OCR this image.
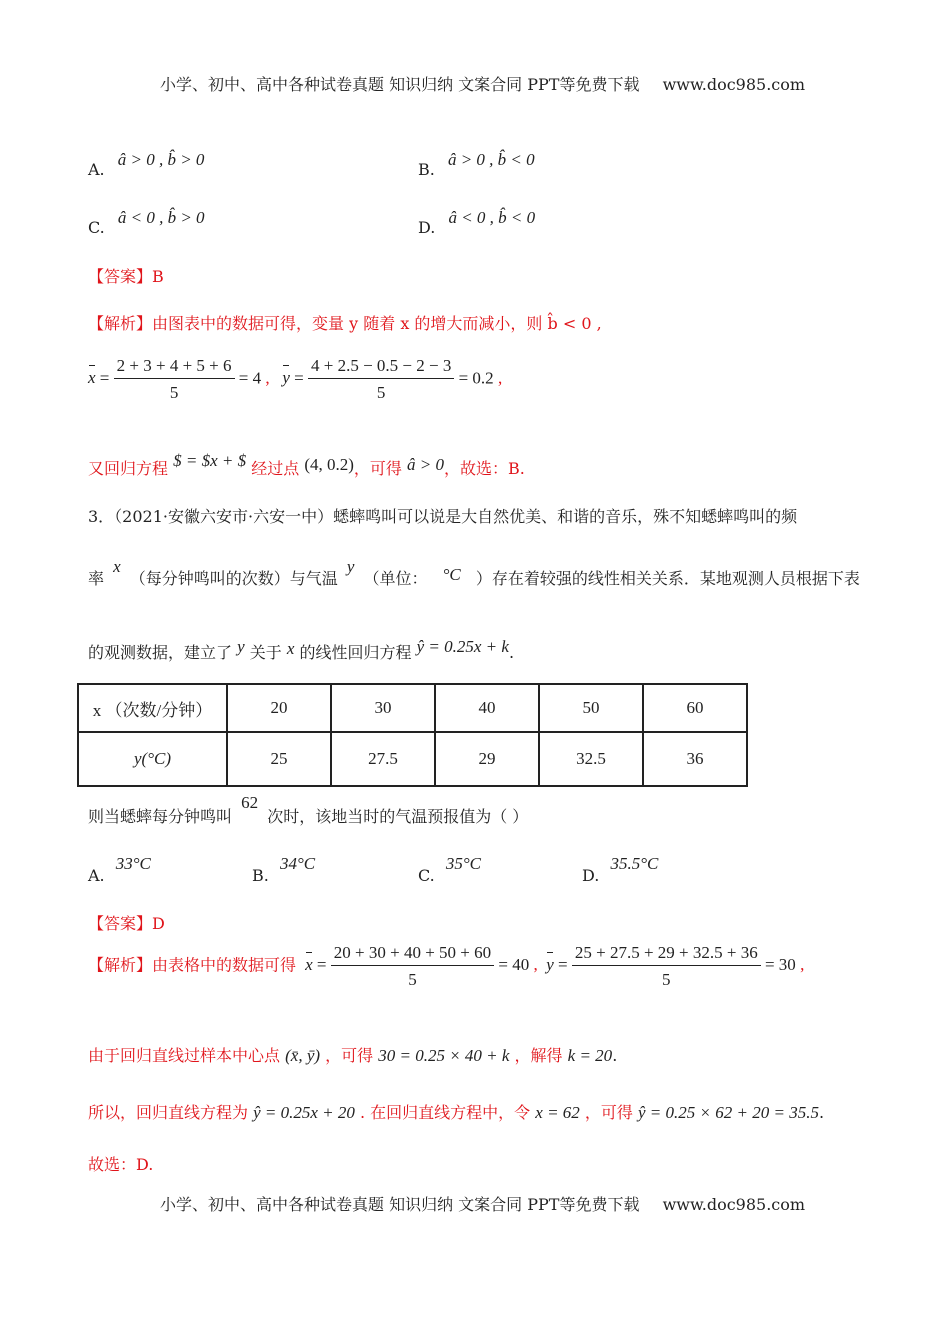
小学、初中、高中各种试卷真题 知识归纳 文案合同 PPT等免费下载 www.doc985.com
A. â > 0 , b̂ > 0
B. â > 0 , b̂ < 0
C. â < 0 , b̂ > 0
D. â < 0 , b̂ < 0
【答案】B
【解析】由图表中的数据可得，变量 y 随着 x 的增大而减小，则 b̂ < 0 ,
$x = \frac{2 + 3 + 4 + 5 + 6}{5} = 4$ , $y = \frac{4 + 2.5 - 0.5 - 2 - 3}{5} = 0.2$ ,
又回归方程 $ = $x + $ 经过点 (4, 0.2)，可得 â > 0，故选：B.
3．（2021·安徽六安市·六安一中）蟋蟀鸣叫可以说是大自然优美、和谐的音乐，殊不知蟋蟀鸣叫的频
率 x （每分钟鸣叫的次数）与气温 y （单位： °C ）存在着较强的线性相关关系．某地观测人员根据下表
的观测数据，建立了 y 关于 x 的线性回归方程 ŷ = 0.25x + k.
x （次数/分钟）	20	30	40	50	60
y(°C)	25	27.5	29	32.5	36
则当蟋蟀每分钟鸣叫 62 次时，该地当时的气温预报值为（ ）
A. 33°C
B. 34°C
C. 35°C
D. 35.5°C
【答案】D
【解析】由表格中的数据可得 $x = \frac{20 + 30 + 40 + 50 + 60}{5} = 40$ , $y = \frac{25 + 27.5 + 29 + 32.5 + 36}{5} = 30$ ,
由于回归直线过样本中心点 (x̄, ȳ) ，可得 30 = 0.25 × 40 + k ，解得 k = 20.
所以，回归直线方程为 ŷ = 0.25x + 20 . 在回归直线方程中，令 x = 62 ，可得 ŷ = 0.25 × 62 + 20 = 35.5.
故选：D.
小学、初中、高中各种试卷真题 知识归纳 文案合同 PPT等免费下载 www.doc985.com
